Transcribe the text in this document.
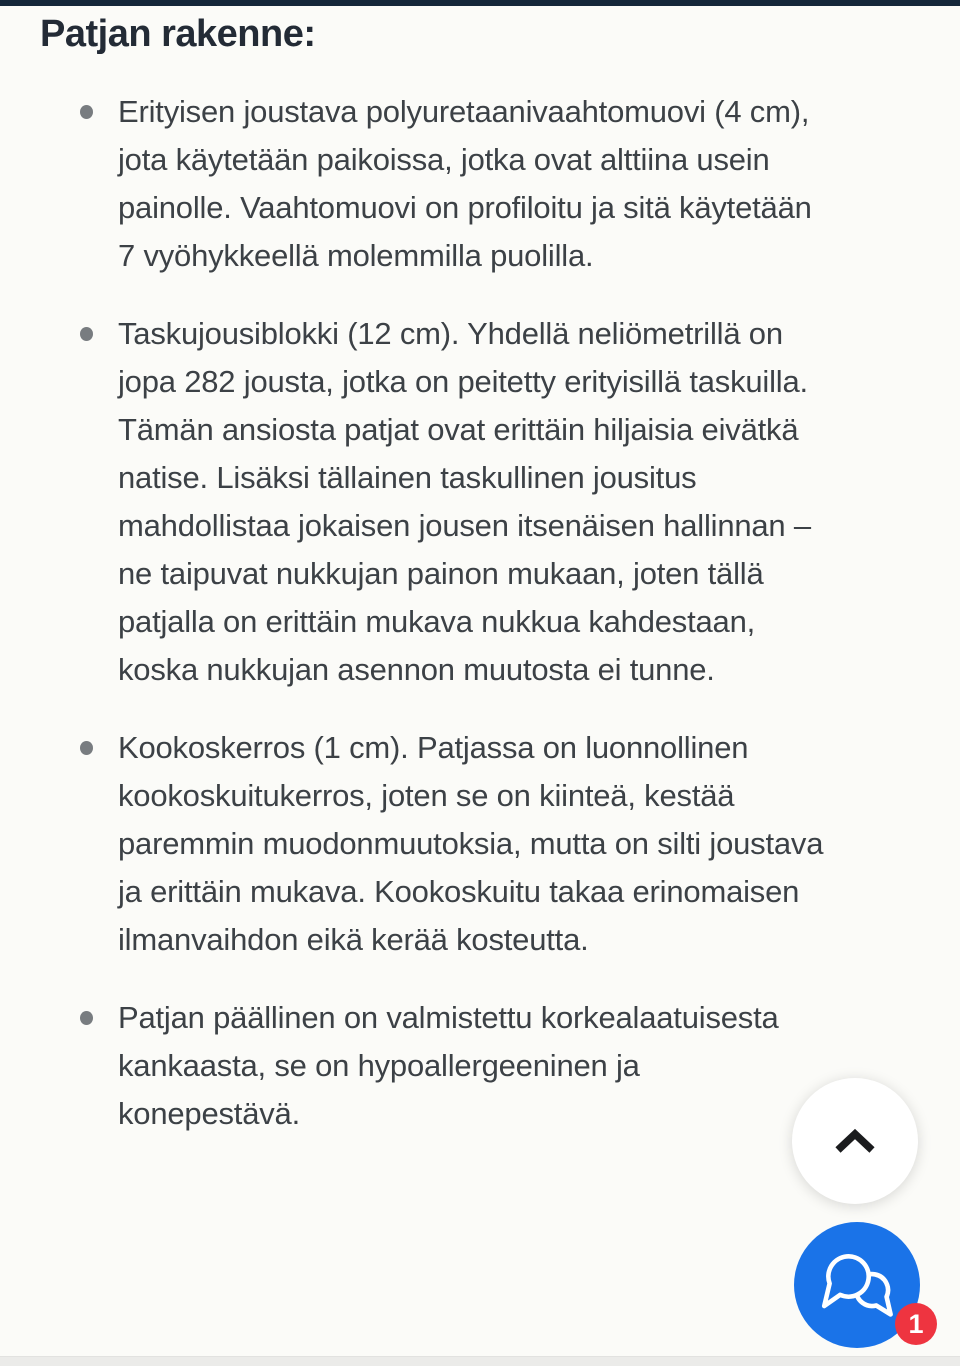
Patjan rakenne:
Erityisen joustava polyuretaanivaahtomuovi (4 cm), jota käytetään paikoissa, jotka ovat alttiina usein painolle. Vaahtomuovi on profiloitu ja sitä käytetään 7 vyöhykkeellä molemmilla puolilla.
Taskujousiblokki (12 cm). Yhdellä neliömetrillä on jopa 282 jousta, jotka on peitetty erityisillä taskuilla. Tämän ansiosta patjat ovat erittäin hiljaisia eivätkä natise. Lisäksi tällainen taskullinen jousitus mahdollistaa jokaisen jousen itsenäisen hallinnan – ne taipuvat nukkujan painon mukaan, joten tällä patjalla on erittäin mukava nukkua kahdestaan, koska nukkujan asennon muutosta ei tunne.
Kookoskerros (1 cm). Patjassa on luonnollinen kookoskuitukerros, joten se on kiinteä, kestää paremmin muodonmuutoksia, mutta on silti joustava ja erittäin mukava. Kookoskuitu takaa erinomaisen ilmanvaihdon eikä kerää kosteutta.
Patjan päällinen on valmistettu korkealaatuisesta kankaasta, se on hypoallergeeninen ja konepestävä.
1
